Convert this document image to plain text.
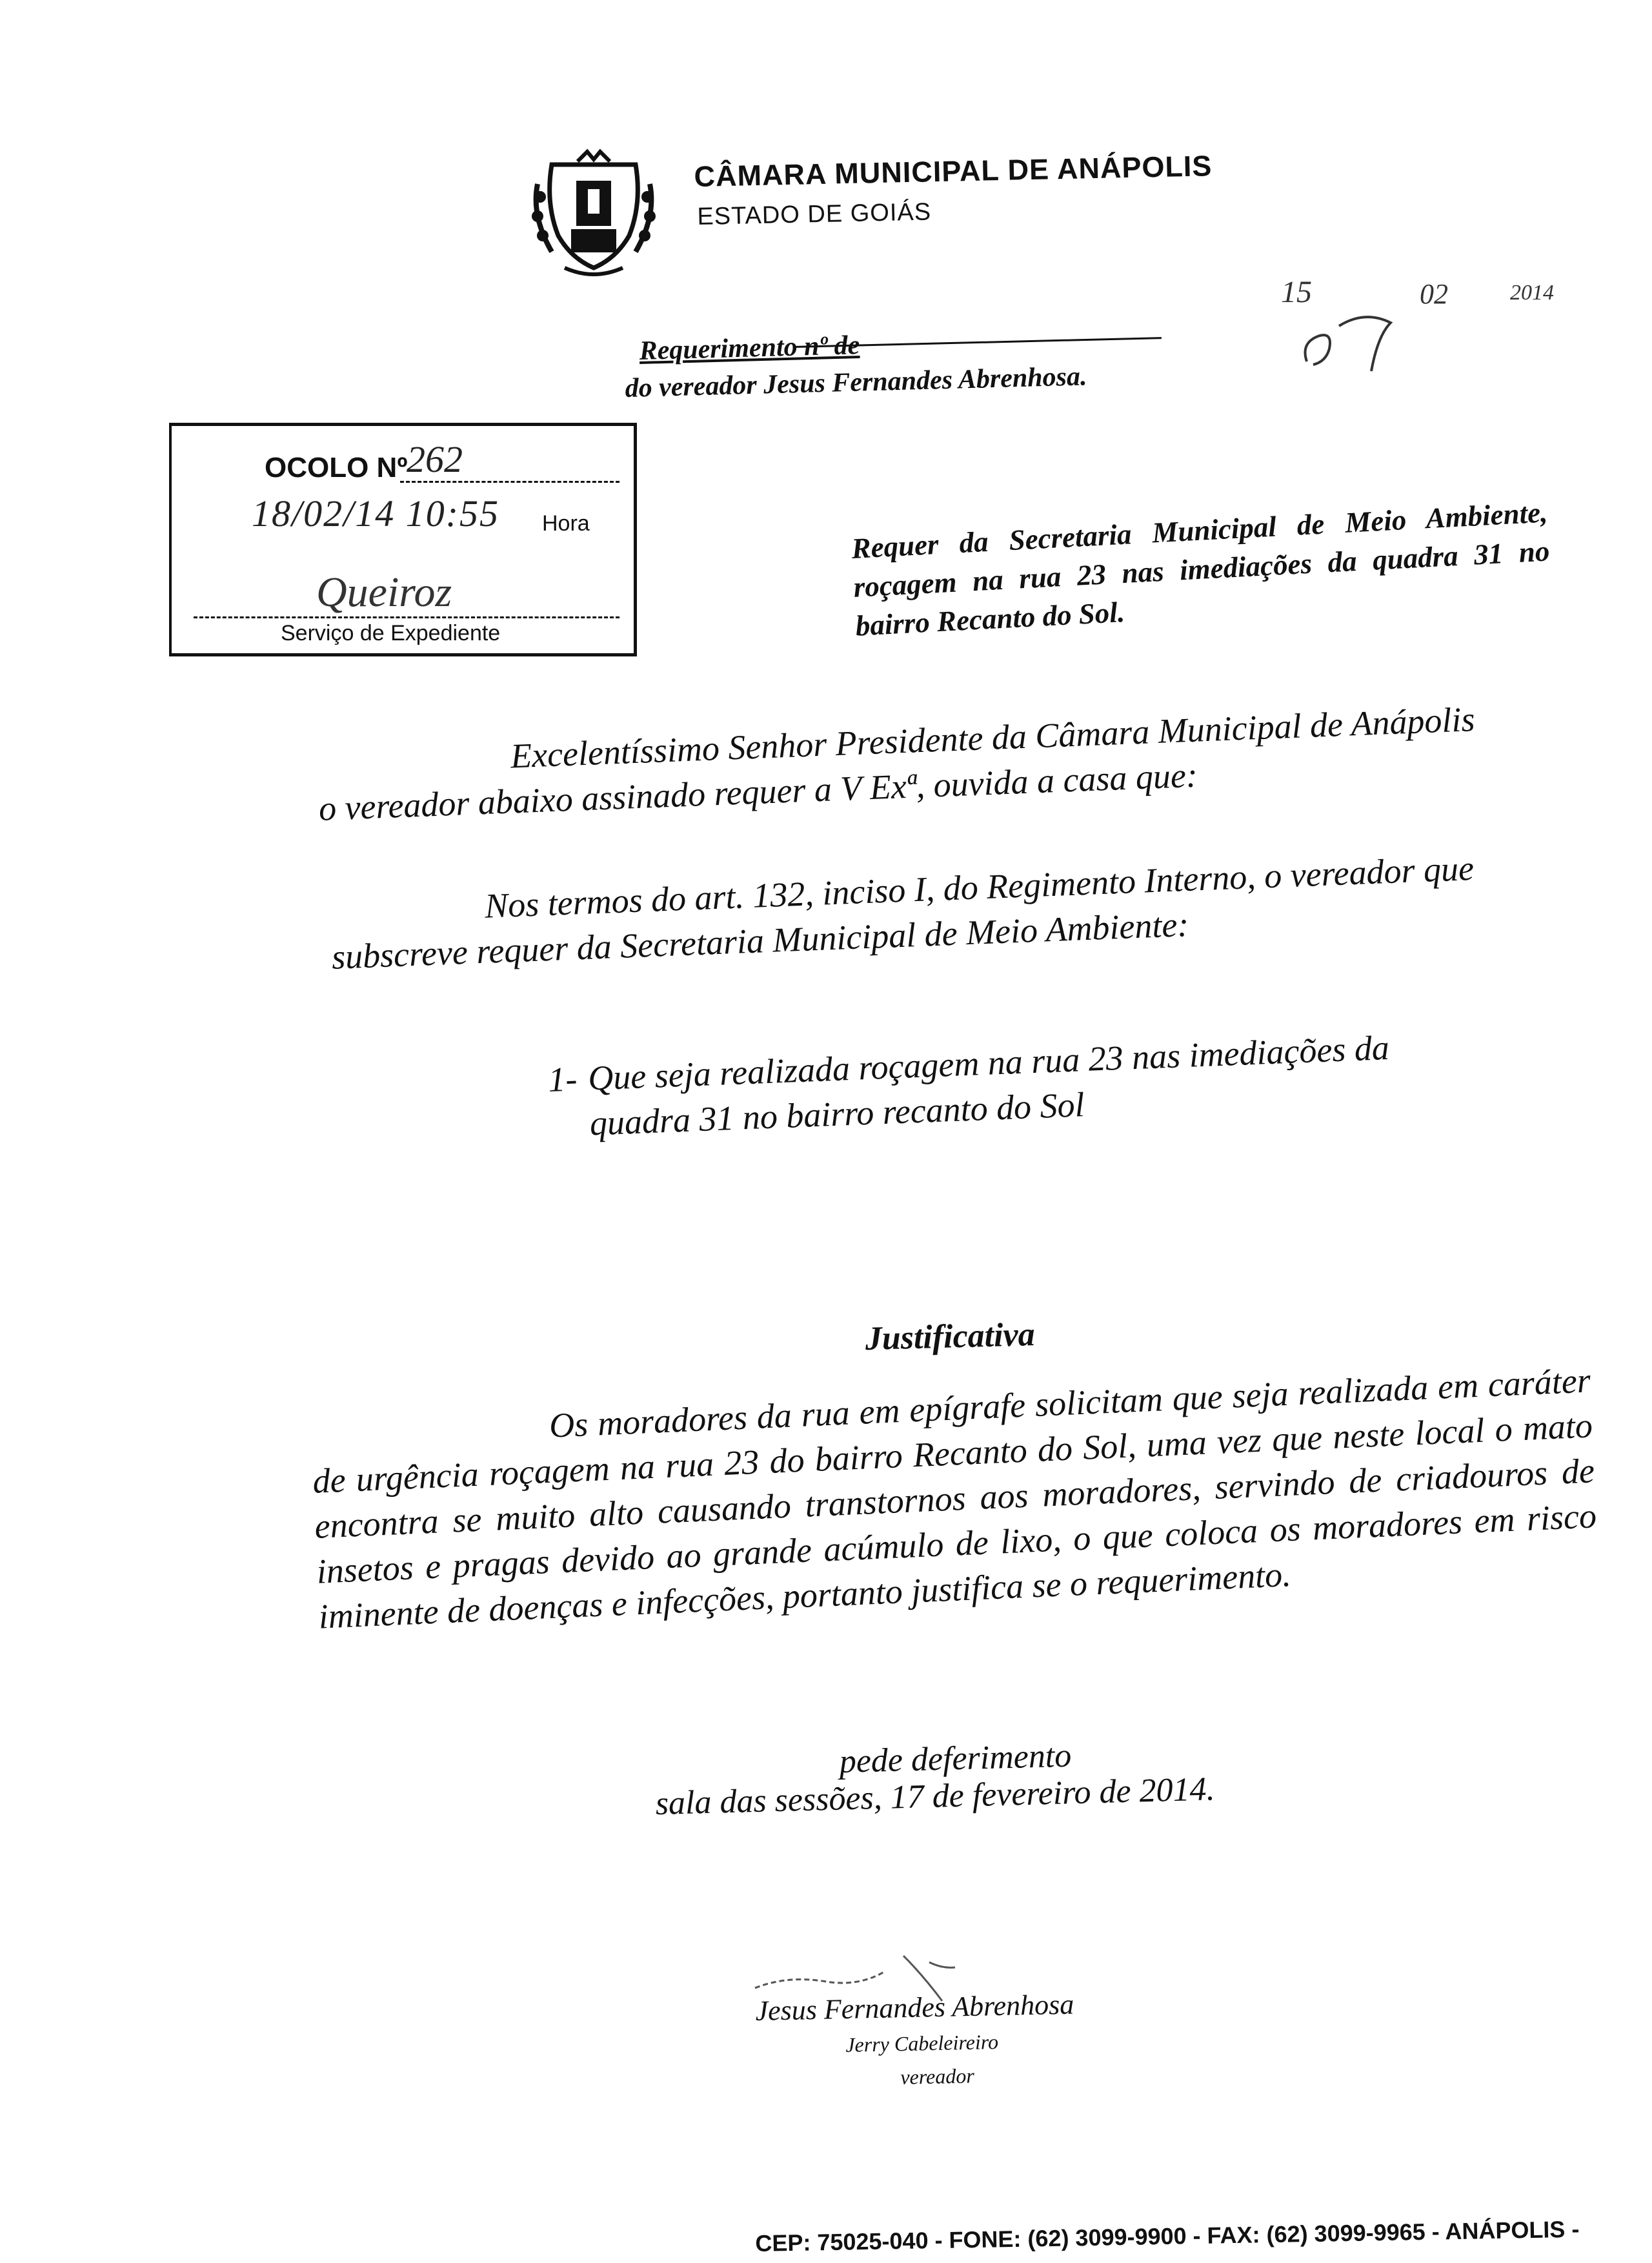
CÂMARA MUNICIPAL DE ANÁPOLIS
ESTADO DE GOIÁS
15	02	2014
Requerimento nº de
do vereador Jesus Fernandes Abrenhosa.
OCOLO Nº
262
18/02/14 10:55 Hora
Queiroz
Serviço de Expediente
Requer da Secretaria Municipal de Meio Ambiente, roçagem na rua 23 nas imediações da quadra 31 no bairro Recanto do Sol.
Excelentíssimo Senhor Presidente da Câmara Municipal de Anápolis
o vereador abaixo assinado requer a V Exª, ouvida a casa que:
Nos termos do art. 132, inciso I, do Regimento Interno, o vereador que
subscreve requer da Secretaria Municipal de Meio Ambiente:
1- Que seja realizada roçagem na rua 23 nas imediações da
quadra 31 no bairro recanto do Sol
Justificativa
Os moradores da rua em epígrafe solicitam que seja realizada em caráter de urgência roçagem na rua 23 do bairro Recanto do Sol, uma vez que neste local o mato encontra se muito alto causando transtornos aos moradores, servindo de criadouros de insetos e pragas devido ao grande acúmulo de lixo, o que coloca os moradores em risco iminente de doenças e infecções, portanto justifica se o requerimento.
pede deferimento
sala das sessões, 17 de fevereiro de 2014.
Jesus Fernandes Abrenhosa
Jerry Cabeleireiro
vereador
CEP: 75025-040 - FONE: (62) 3099-9900 - FAX: (62) 3099-9965 - ANÁPOLIS -
